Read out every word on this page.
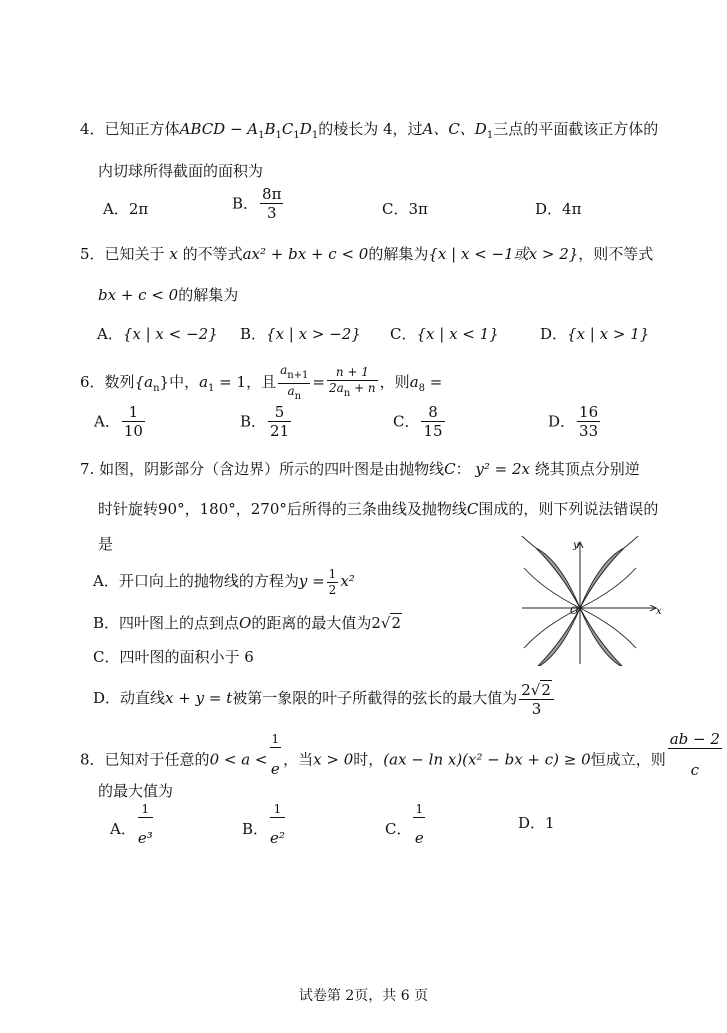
4．已知正方体ABCD − $A_1B_1C_1D_1$的棱长为 4，过A、C、$D_1$三点的平面截该正方体的
内切球所得截面的面积为
A．2π	B． $\frac{8\pi}{3}$	C．3π	D．4π
5．已知关于 x 的不等式ax² + bx + c < 0的解集为{x | x < −1或x > 2}，则不等式
bx + c < 0的解集为
A．{x | x < −2} B．{x | x > −2} C．{x | x < 1}	D．{x | x > 1}
6．数列$\{a_n\}$中，$a_1 = 1$，且 $\frac{a_{n+1}}{a_n} = \frac{n + 1}{2a_n + n}$ ，则$a_8$ =
A． $\frac{1}{10}$	B． $\frac{5}{21}$	C． $\frac{8}{15}$	D． $\frac{16}{33}$
7. 如图，阴影部分（含边界）所示的四叶图是由抛物线C： y² = 2x 绕其顶点分别逆
时针旋转90°，180°，270°后所得的三条曲线及抛物线C围成的，则下列说法错误的
是
A．开口向上的抛物线的方程为$y = \frac{1}{2} x^2$
B．四叶图上的点到点O的距离的最大值为2√2
C．四叶图的面积小于 6
D．动直线x + y = t被第一象限的叶子所截得的弦长的最大值为 $\frac{2√2}{3}$
x
y
O
8．已知对于任意的$0 < a < \frac{1}{e}$ ，当x > 0时，(ax − ln x)(x² − bx + c) ≥ 0恒成立，则 $\frac{ab - 2}{c}$
的最大值为
A． $\frac{1}{\text{e³}}$	B． $\frac{1}{\text{e²}}$	C． $\frac{1}{e}$	D．1
试卷第 2页，共 6 页
